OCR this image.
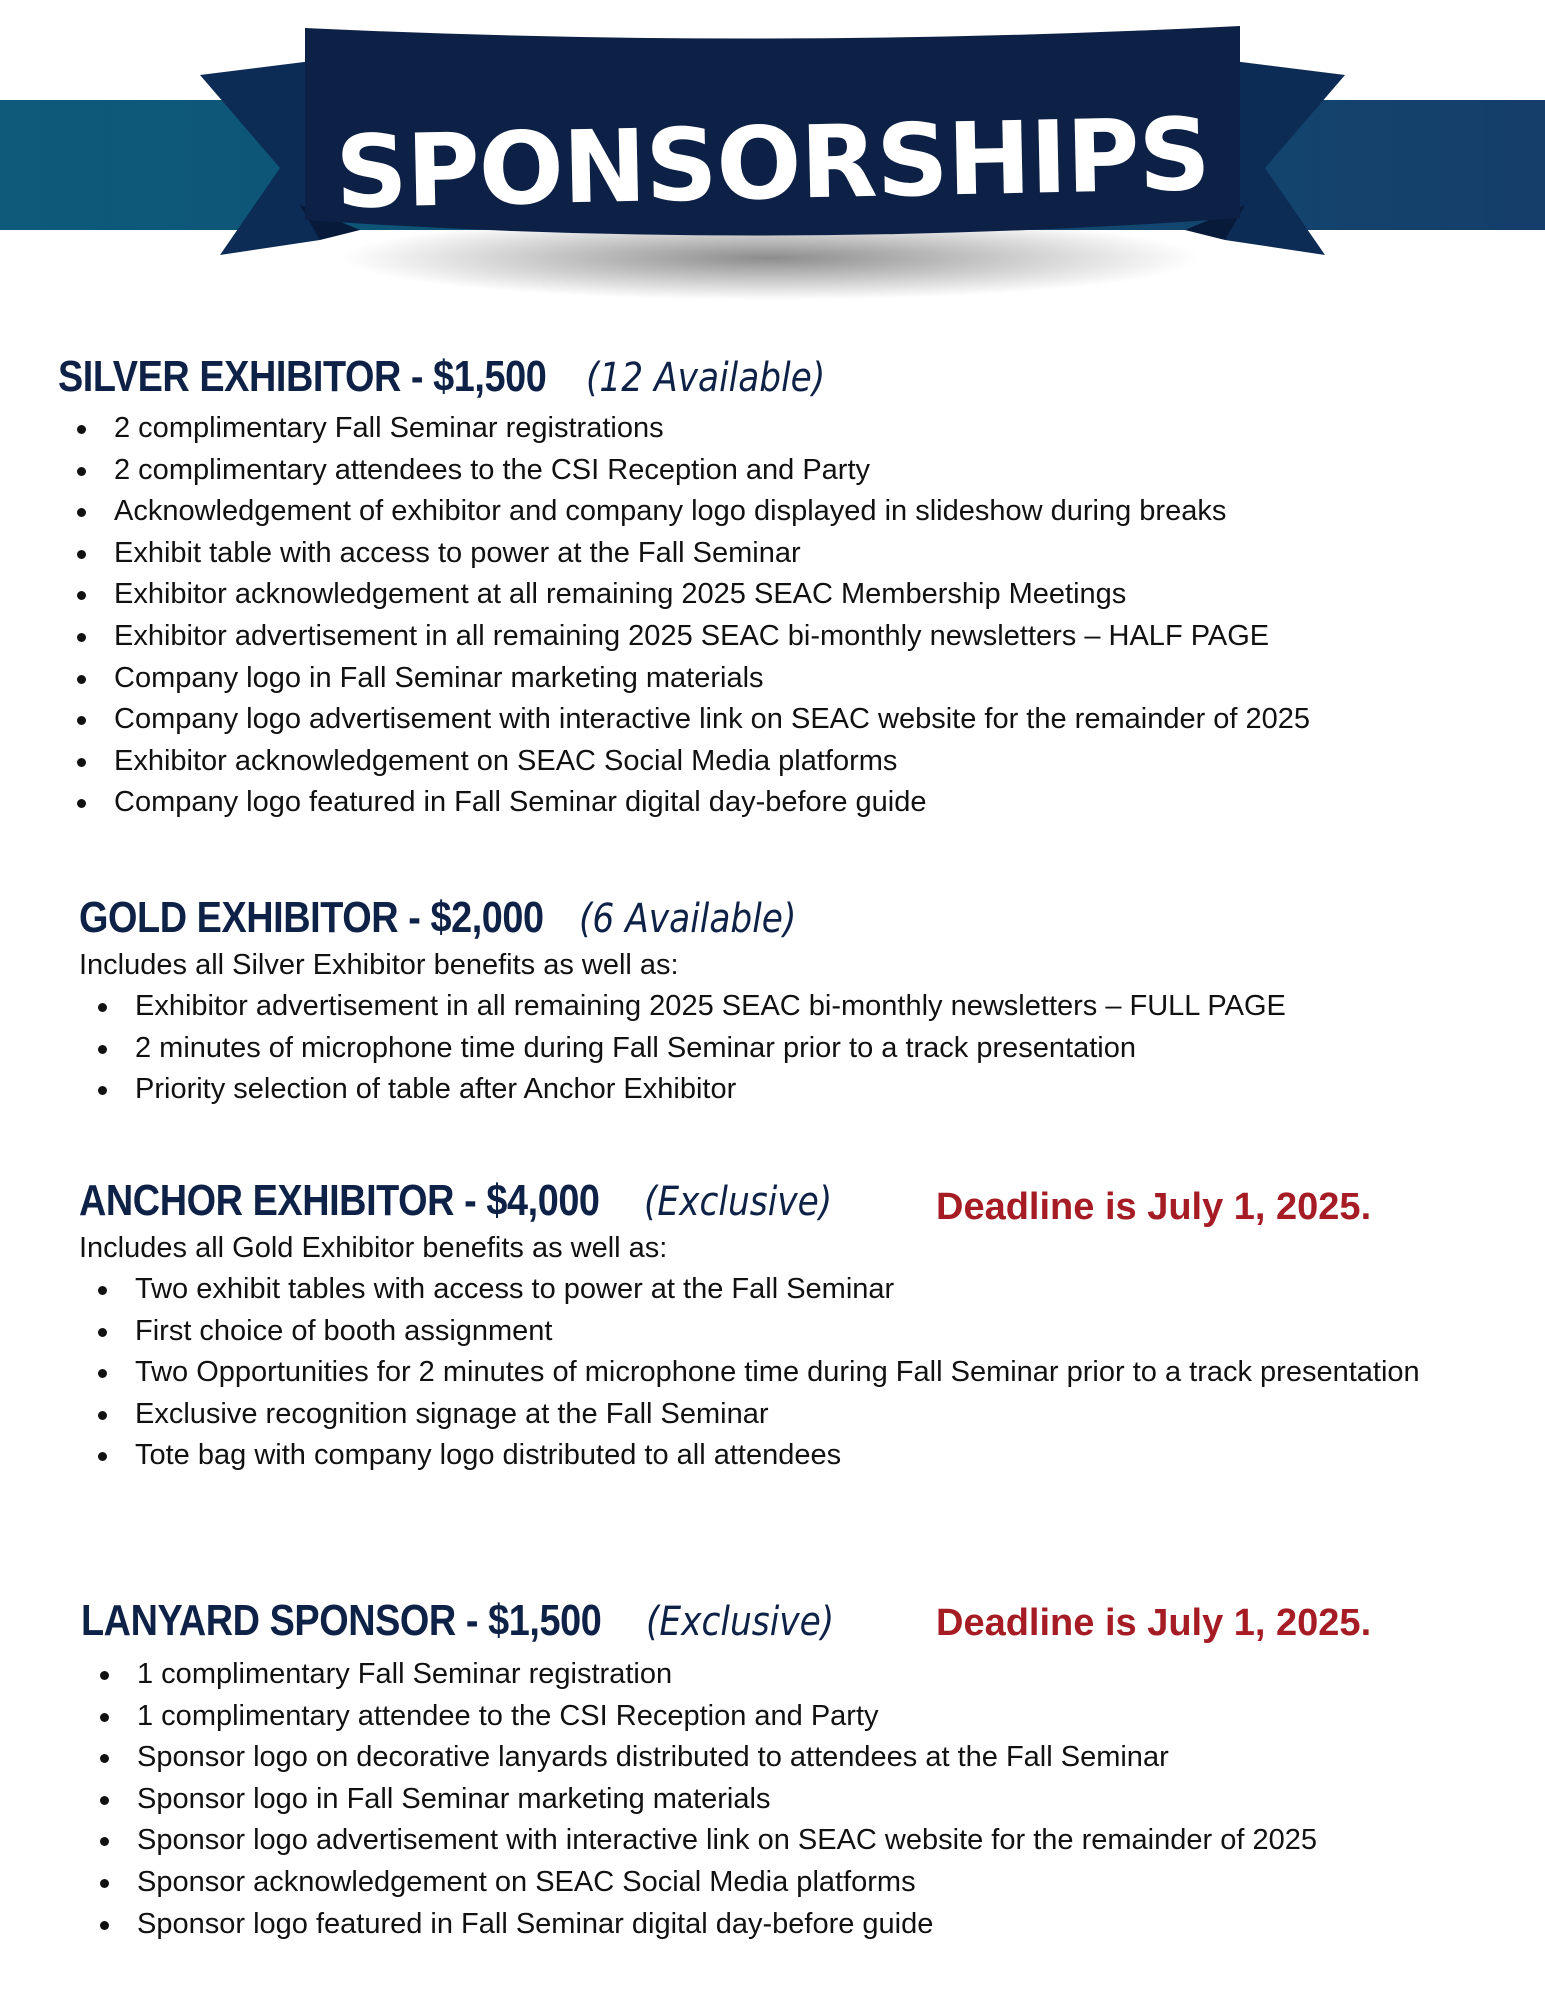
SPONSORSHIPS
SILVER EXHIBITOR - $1,500 (12 Available)
2 complimentary Fall Seminar registrations
2 complimentary attendees to the CSI Reception and Party
Acknowledgement of exhibitor and company logo displayed in slideshow during breaks
Exhibit table with access to power at the Fall Seminar
Exhibitor acknowledgement at all remaining 2025 SEAC Membership Meetings
Exhibitor advertisement in all remaining 2025 SEAC bi-monthly newsletters – HALF PAGE
Company logo in Fall Seminar marketing materials
Company logo advertisement with interactive link on SEAC website for the remainder of 2025
Exhibitor acknowledgement on SEAC Social Media platforms
Company logo featured in Fall Seminar digital day-before guide
GOLD EXHIBITOR - $2,000 (6 Available)
Includes all Silver Exhibitor benefits as well as:
Exhibitor advertisement in all remaining 2025 SEAC bi-monthly newsletters – FULL PAGE
2 minutes of microphone time during Fall Seminar prior to a track presentation
Priority selection of table after Anchor Exhibitor
ANCHOR EXHIBITOR - $4,000 (Exclusive)	Deadline is July 1, 2025.
Includes all Gold Exhibitor benefits as well as:
Two exhibit tables with access to power at the Fall Seminar
First choice of booth assignment
Two Opportunities for 2 minutes of microphone time during Fall Seminar prior to a track presentation
Exclusive recognition signage at the Fall Seminar
Tote bag with company logo distributed to all attendees
LANYARD SPONSOR - $1,500 (Exclusive)	Deadline is July 1, 2025.
1 complimentary Fall Seminar registration
1 complimentary attendee to the CSI Reception and Party
Sponsor logo on decorative lanyards distributed to attendees at the Fall Seminar
Sponsor logo in Fall Seminar marketing materials
Sponsor logo advertisement with interactive link on SEAC website for the remainder of 2025
Sponsor acknowledgement on SEAC Social Media platforms
Sponsor logo featured in Fall Seminar digital day-before guide
